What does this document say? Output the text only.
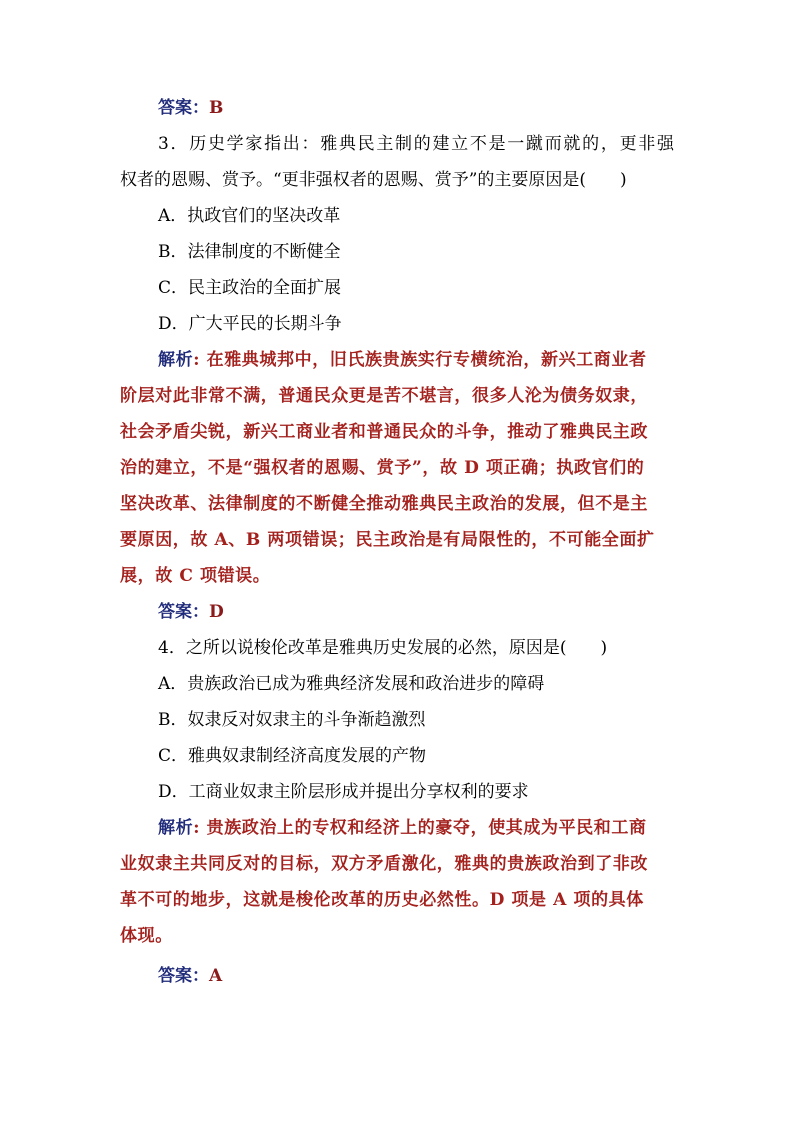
答案：B
3．历史学家指出：雅典民主制的建立不是一蹴而就的，更非强
权者的恩赐、赏予。“更非强权者的恩赐、赏予”的主要原因是(　　)
A．执政官们的坚决改革
B．法律制度的不断健全
C．民主政治的全面扩展
D．广大平民的长期斗争
解析: 在雅典城邦中，旧氏族贵族实行专横统治，新兴工商业者
阶层对此非常不满，普通民众更是苦不堪言，很多人沦为债务奴隶，
社会矛盾尖锐，新兴工商业者和普通民众的斗争，推动了雅典民主政
治的建立，不是“强权者的恩赐、赏予”，故 D 项正确；执政官们的
坚决改革、法律制度的不断健全推动雅典民主政治的发展，但不是主
要原因，故 A、B 两项错误；民主政治是有局限性的，不可能全面扩
展，故 C 项错误。
答案：D
4．之所以说梭伦改革是雅典历史发展的必然，原因是(　　)
A．贵族政治已成为雅典经济发展和政治进步的障碍
B．奴隶反对奴隶主的斗争渐趋激烈
C．雅典奴隶制经济高度发展的产物
D．工商业奴隶主阶层形成并提出分享权利的要求
解析: 贵族政治上的专权和经济上的豪夺，使其成为平民和工商
业奴隶主共同反对的目标，双方矛盾激化，雅典的贵族政治到了非改
革不可的地步，这就是梭伦改革的历史必然性。D 项是 A 项的具体
体现。
答案：A
